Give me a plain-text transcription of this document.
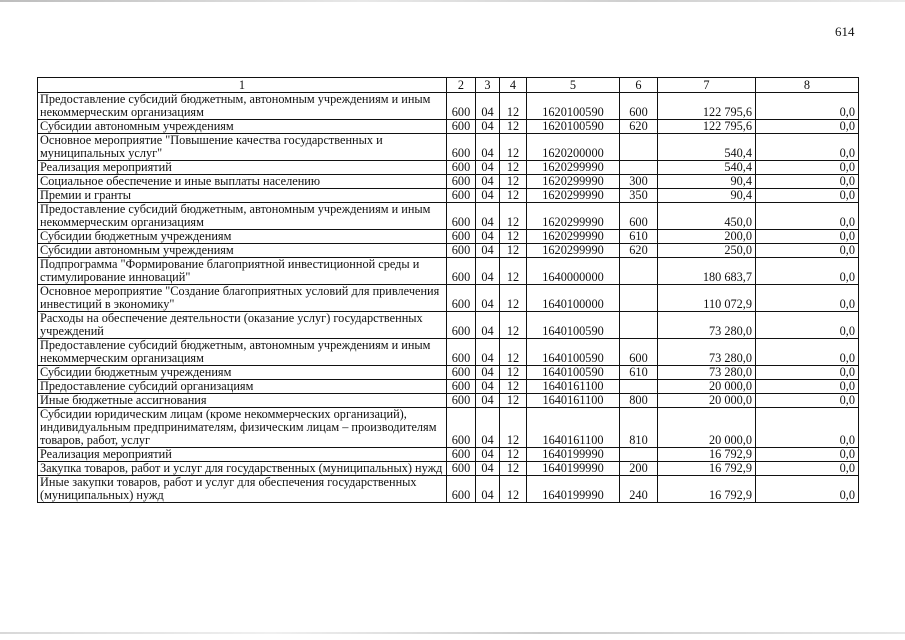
614
1	2	3	4	5	6	7	8
Предоставление субсидий бюджетным, автономным учреждениям и иным некоммерческим организациям	600	04	12	1620100590	600	122 795,6	0,0
Субсидии автономным учреждениям	600	04	12	1620100590	620	122 795,6	0,0
Основное мероприятие "Повышение качества государственных и муниципальных услуг"	600	04	12	1620200000		540,4	0,0
Реализация мероприятий	600	04	12	1620299990		540,4	0,0
Социальное обеспечение и иные выплаты населению	600	04	12	1620299990	300	90,4	0,0
Премии и гранты	600	04	12	1620299990	350	90,4	0,0
Предоставление субсидий бюджетным, автономным учреждениям и иным некоммерческим организациям	600	04	12	1620299990	600	450,0	0,0
Субсидии бюджетным учреждениям	600	04	12	1620299990	610	200,0	0,0
Субсидии автономным учреждениям	600	04	12	1620299990	620	250,0	0,0
Подпрограмма "Формирование благоприятной инвестиционной среды и стимулирование инноваций"	600	04	12	1640000000		180 683,7	0,0
Основное мероприятие "Создание благоприятных условий для привлечения инвестиций в экономику"	600	04	12	1640100000		110 072,9	0,0
Расходы на обеспечение деятельности (оказание услуг) государственных учреждений	600	04	12	1640100590		73 280,0	0,0
Предоставление субсидий бюджетным, автономным учреждениям и иным некоммерческим организациям	600	04	12	1640100590	600	73 280,0	0,0
Субсидии бюджетным учреждениям	600	04	12	1640100590	610	73 280,0	0,0
Предоставление субсидий организациям	600	04	12	1640161100		20 000,0	0,0
Иные бюджетные ассигнования	600	04	12	1640161100	800	20 000,0	0,0
Субсидии юридическим лицам (кроме некоммерческих организаций), индивидуальным предпринимателям, физическим лицам – производителям товаров, работ, услуг	600	04	12	1640161100	810	20 000,0	0,0
Реализация мероприятий	600	04	12	1640199990		16 792,9	0,0
Закупка товаров, работ и услуг для государственных (муниципальных) нужд	600	04	12	1640199990	200	16 792,9	0,0
Иные закупки товаров, работ и услуг для обеспечения государственных (муниципальных) нужд	600	04	12	1640199990	240	16 792,9	0,0
